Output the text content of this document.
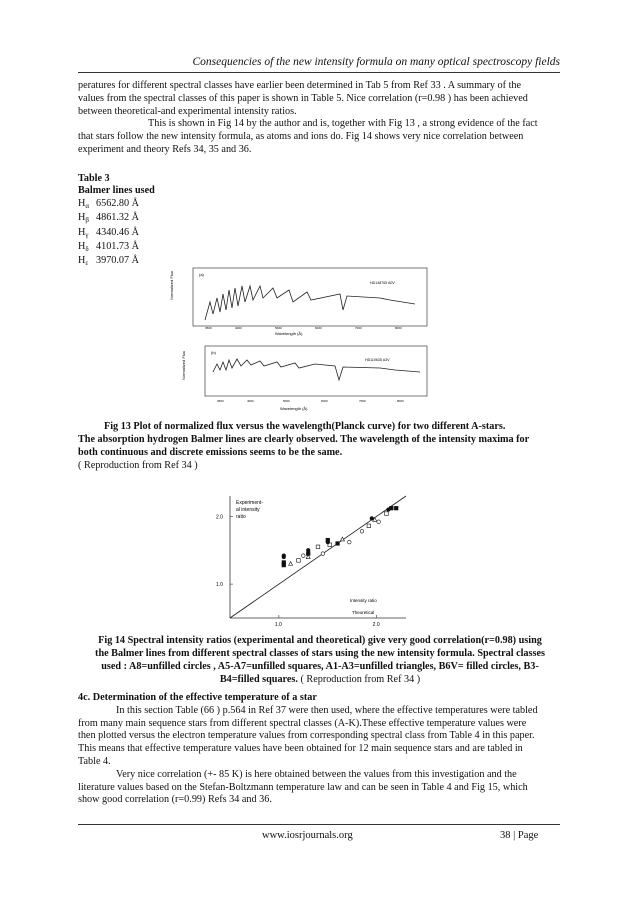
Consequencies of the new intensity formula on many optical spectroscopy fields
peratures for different spectral classes have earlier been determined in Tab 5 from Ref 33 . A summary of the
values from the spectral classes of this paper is shown in Table 5. Nice correlation (r=0.98 ) has been achieved
between theoretical-and experimental intensity ratios.
This is shown in Fig 14 by the author and is, together with Fig 13 , a strong evidence of the fact
that stars follow the new intensity formula, as atoms and ions do. Fig 14 shows very nice correlation between
experiment and theory Refs 34, 35 and 36.
Table 3
Balmer lines used
$H_\alpha$ 6562.80 Å
$H_\beta$ 4861.32 Å
$H_\gamma$ 4340.46 Å
$H_\delta$ 4101.73 Å
$H_\varepsilon$ 3970.07 Å
Normalized Flux	(a)
HD148705 A0V
Wavelength (Å)
3500	4000	5000	6000	7000	8000
Normalized Flux	(b)
HD110635 A3V
Wavelength (Å)
3500	4000	5000	6000	7000	8000
Fig 13 Plot of normalized flux versus the wavelength(Planck curve) for two different A-stars.
The absorption hydrogen Balmer lines are clearly observed. The wavelength of the intensity maxima for
both continuous and discrete emissions seems to be the same.
( Reproduction from Ref 34 )
Experiment-
al intensity
ratio
Intensity ratio
Theoretical
1.0	2.0
1.0
2.0
Fig 14 Spectral intensity ratios (experimental and theoretical) give very good correlation(r=0.98) using
the Balmer lines from different spectral classes of stars using the new intensity formula. Spectral classes
used : A8=unfilled circles , A5-A7=unfilled squares, A1-A3=unfilled triangles, B6V= filled circles, B3-
B4=filled squares. ( Reproduction from Ref 34 )
4c. Determination of the effective temperature of a star
In this section Table (66 ) p.564 in Ref 37 were then used, where the effective temperatures were tabled
from many main sequence stars from different spectral classes (A-K).These effective temperature values were
then plotted versus the electron temperature values from corresponding spectral class from Table 4 in this paper.
This means that effective temperature values have been obtained for 12 main sequence stars and are tabled in
Table 4.
Very nice correlation (+- 85 K) is here obtained between the values from this investigation and the
literature values based on the Stefan-Boltzmann temperature law and can be seen in Table 4 and Fig 15, which
show good correlation (r=0.99) Refs 34 and 36.
www.iosrjournals.org	38 | Page
